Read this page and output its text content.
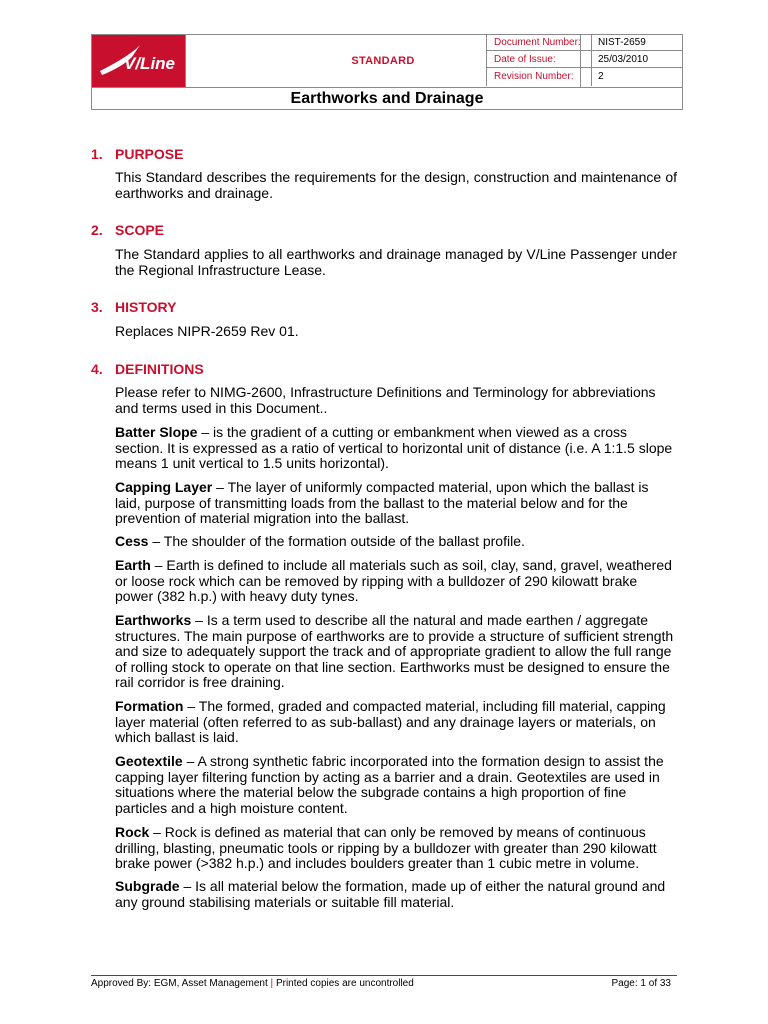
V/Line	STANDARD
Earthworks and Drainage
Document Number:
Date of Issue:
Revision Number:
NIST-2659
25/03/2010
2
1. PURPOSE
This Standard describes the requirements for the design, construction and maintenance of earthworks and drainage.
2. SCOPE
The Standard applies to all earthworks and drainage managed by V/Line Passenger under the Regional Infrastructure Lease.
3. HISTORY
Replaces NIPR-2659 Rev 01.
4. DEFINITIONS
Please refer to NIMG-2600, Infrastructure Definitions and Terminology for abbreviations and terms used in this Document..
Batter Slope – is the gradient of a cutting or embankment when viewed as a cross section. It is expressed as a ratio of vertical to horizontal unit of distance (i.e. A 1:1.5 slope means 1 unit vertical to 1.5 units horizontal).
Capping Layer – The layer of uniformly compacted material, upon which the ballast is laid, purpose of transmitting loads from the ballast to the material below and for the prevention of material migration into the ballast.
Cess – The shoulder of the formation outside of the ballast profile.
Earth – Earth is defined to include all materials such as soil, clay, sand, gravel, weathered or loose rock which can be removed by ripping with a bulldozer of 290 kilowatt brake power (382 h.p.) with heavy duty tynes.
Earthworks – Is a term used to describe all the natural and made earthen / aggregate structures. The main purpose of earthworks are to provide a structure of sufficient strength and size to adequately support the track and of appropriate gradient to allow the full range of rolling stock to operate on that line section. Earthworks must be designed to ensure the rail corridor is free draining.
Formation – The formed, graded and compacted material, including fill material, capping layer material (often referred to as sub-ballast) and any drainage layers or materials, on which ballast is laid.
Geotextile – A strong synthetic fabric incorporated into the formation design to assist the capping layer filtering function by acting as a barrier and a drain. Geotextiles are used in situations where the material below the subgrade contains a high proportion of fine particles and a high moisture content.
Rock – Rock is defined as material that can only be removed by means of continuous drilling, blasting, pneumatic tools or ripping by a bulldozer with greater than 290 kilowatt brake power (>382 h.p.) and includes boulders greater than 1 cubic metre in volume.
Subgrade – Is all material below the formation, made up of either the natural ground and any ground stabilising materials or suitable fill material.
Approved By: EGM, Asset Management | Printed copies are uncontrolled	Page: 1 of 33
